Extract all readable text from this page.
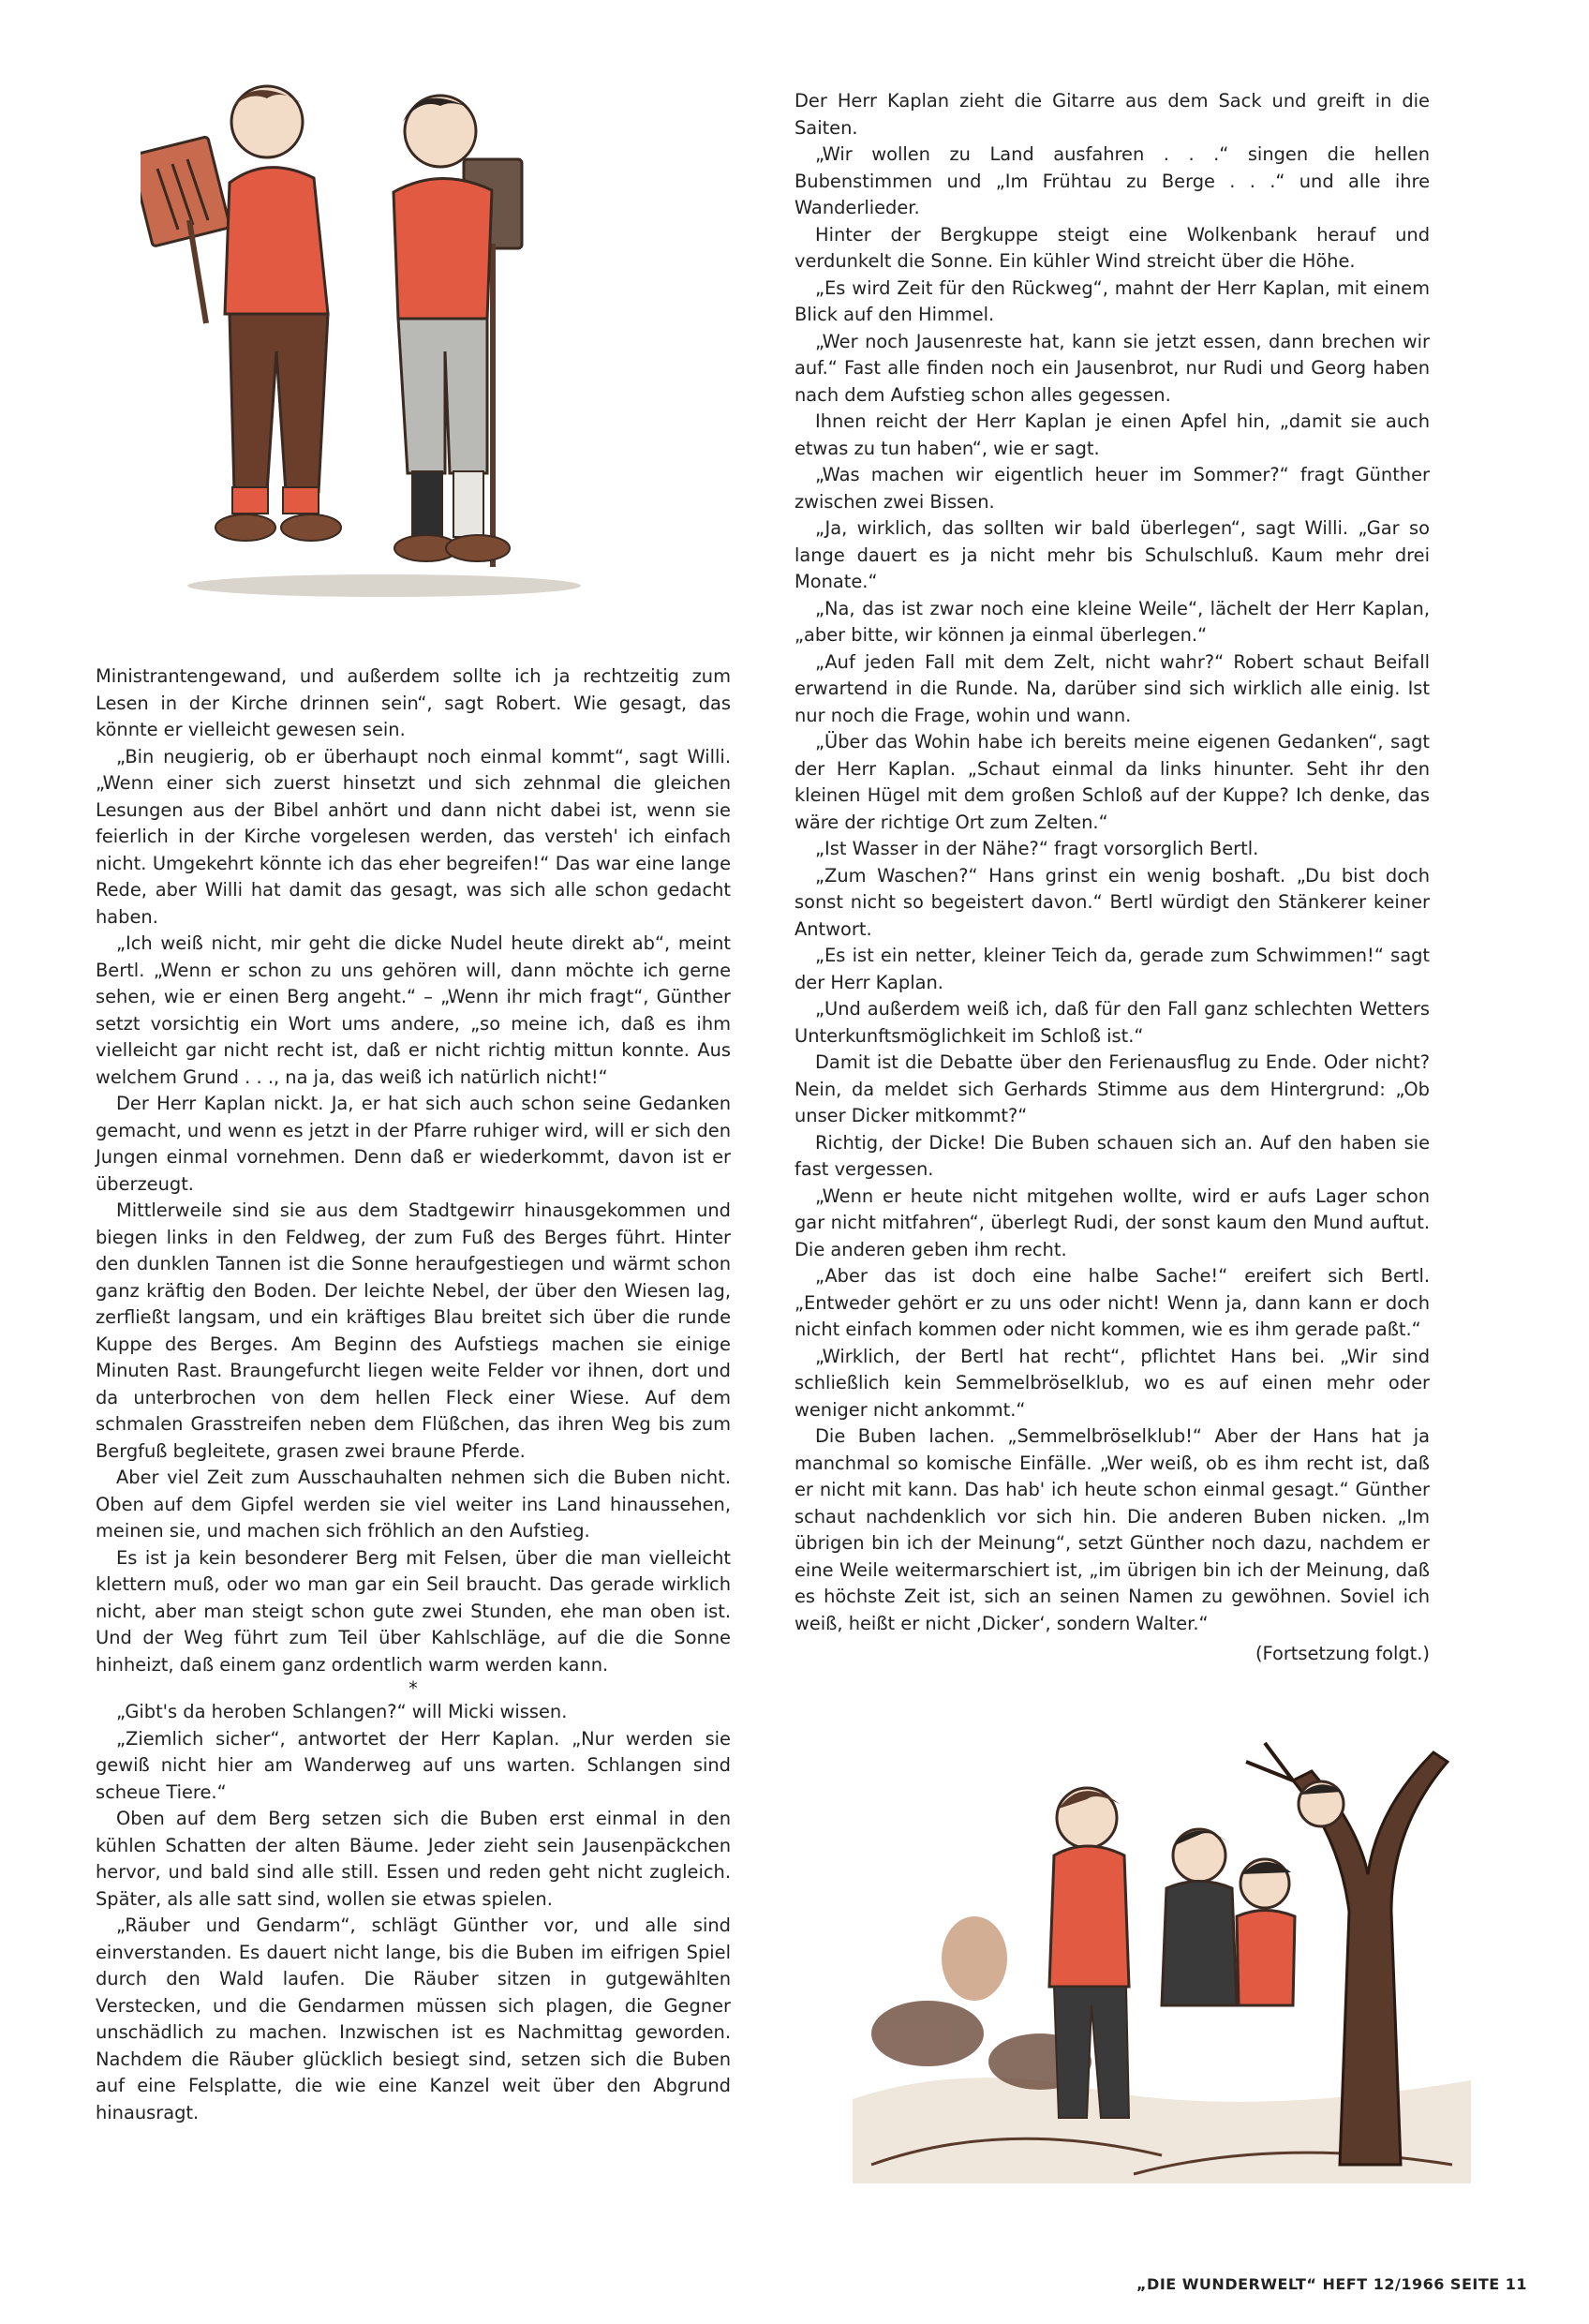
Ministrantengewand, und außerdem sollte ich ja rechtzeitig zum Lesen in der Kirche drinnen sein“, sagt Robert. Wie gesagt, das könnte er vielleicht gewesen sein.

„Bin neugierig, ob er überhaupt noch einmal kommt“, sagt Willi. „Wenn einer sich zuerst hinsetzt und sich zehnmal die gleichen Lesungen aus der Bibel anhört und dann nicht dabei ist, wenn sie feierlich in der Kirche vorgelesen werden, das versteh' ich einfach nicht. Umgekehrt könnte ich das eher begreifen!“ Das war eine lange Rede, aber Willi hat damit das gesagt, was sich alle schon gedacht haben.

„Ich weiß nicht, mir geht die dicke Nudel heute direkt ab“, meint Bertl. „Wenn er schon zu uns gehören will, dann möchte ich gerne sehen, wie er einen Berg angeht.“ – „Wenn ihr mich fragt“, Günther setzt vorsichtig ein Wort ums andere, „so meine ich, daß es ihm vielleicht gar nicht recht ist, daß er nicht richtig mittun konnte. Aus welchem Grund . . ., na ja, das weiß ich natürlich nicht!“

Der Herr Kaplan nickt. Ja, er hat sich auch schon seine Gedanken gemacht, und wenn es jetzt in der Pfarre ruhiger wird, will er sich den Jungen einmal vornehmen. Denn daß er wiederkommt, davon ist er überzeugt.

Mittlerweile sind sie aus dem Stadtgewirr hinausgekommen und biegen links in den Feldweg, der zum Fuß des Berges führt. Hinter den dunklen Tannen ist die Sonne heraufgestiegen und wärmt schon ganz kräftig den Boden. Der leichte Nebel, der über den Wiesen lag, zerfließt langsam, und ein kräftiges Blau breitet sich über die runde Kuppe des Berges. Am Beginn des Aufstiegs machen sie einige Minuten Rast. Braungefurcht liegen weite Felder vor ihnen, dort und da unterbrochen von dem hellen Fleck einer Wiese. Auf dem schmalen Grasstreifen neben dem Flüßchen, das ihren Weg bis zum Bergfuß begleitete, grasen zwei braune Pferde.

Aber viel Zeit zum Ausschauhalten nehmen sich die Buben nicht. Oben auf dem Gipfel werden sie viel weiter ins Land hinaussehen, meinen sie, und machen sich fröhlich an den Aufstieg.

Es ist ja kein besonderer Berg mit Felsen, über die man vielleicht klettern muß, oder wo man gar ein Seil braucht. Das gerade wirklich nicht, aber man steigt schon gute zwei Stunden, ehe man oben ist. Und der Weg führt zum Teil über Kahlschläge, auf die die Sonne hinheizt, daß einem ganz ordentlich warm werden kann.

*

„Gibt's da heroben Schlangen?“ will Micki wissen.

„Ziemlich sicher“, antwortet der Herr Kaplan. „Nur werden sie gewiß nicht hier am Wanderweg auf uns warten. Schlangen sind scheue Tiere.“

Oben auf dem Berg setzen sich die Buben erst einmal in den kühlen Schatten der alten Bäume. Jeder zieht sein Jausenpäckchen hervor, und bald sind alle still. Essen und reden geht nicht zugleich. Später, als alle satt sind, wollen sie etwas spielen.

„Räuber und Gendarm“, schlägt Günther vor, und alle sind einverstanden. Es dauert nicht lange, bis die Buben im eifrigen Spiel durch den Wald laufen. Die Räuber sitzen in gutgewählten Verstecken, und die Gendarmen müssen sich plagen, die Gegner unschädlich zu machen. Inzwischen ist es Nachmittag geworden. Nachdem die Räuber glücklich besiegt sind, setzen sich die Buben auf eine Felsplatte, die wie eine Kanzel weit über den Abgrund hinausragt.

Der Herr Kaplan zieht die Gitarre aus dem Sack und greift in die Saiten.

„Wir wollen zu Land ausfahren . . .“ singen die hellen Bubenstimmen und „Im Frühtau zu Berge . . .“ und alle ihre Wanderlieder.

Hinter der Bergkuppe steigt eine Wolkenbank herauf und verdunkelt die Sonne. Ein kühler Wind streicht über die Höhe.

„Es wird Zeit für den Rückweg“, mahnt der Herr Kaplan, mit einem Blick auf den Himmel.

„Wer noch Jausenreste hat, kann sie jetzt essen, dann brechen wir auf.“ Fast alle finden noch ein Jausenbrot, nur Rudi und Georg haben nach dem Aufstieg schon alles gegessen.

Ihnen reicht der Herr Kaplan je einen Apfel hin, „damit sie auch etwas zu tun haben“, wie er sagt.

„Was machen wir eigentlich heuer im Sommer?“ fragt Günther zwischen zwei Bissen.

„Ja, wirklich, das sollten wir bald überlegen“, sagt Willi. „Gar so lange dauert es ja nicht mehr bis Schulschluß. Kaum mehr drei Monate.“

„Na, das ist zwar noch eine kleine Weile“, lächelt der Herr Kaplan, „aber bitte, wir können ja einmal überlegen.“

„Auf jeden Fall mit dem Zelt, nicht wahr?“ Robert schaut Beifall erwartend in die Runde. Na, darüber sind sich wirklich alle einig. Ist nur noch die Frage, wohin und wann.

„Über das Wohin habe ich bereits meine eigenen Gedanken“, sagt der Herr Kaplan. „Schaut einmal da links hinunter. Seht ihr den kleinen Hügel mit dem großen Schloß auf der Kuppe? Ich denke, das wäre der richtige Ort zum Zelten.“

„Ist Wasser in der Nähe?“ fragt vorsorglich Bertl.

„Zum Waschen?“ Hans grinst ein wenig boshaft. „Du bist doch sonst nicht so begeistert davon.“ Bertl würdigt den Stänkerer keiner Antwort.

„Es ist ein netter, kleiner Teich da, gerade zum Schwimmen!“ sagt der Herr Kaplan.

„Und außerdem weiß ich, daß für den Fall ganz schlechten Wetters Unterkunftsmöglichkeit im Schloß ist.“

Damit ist die Debatte über den Ferienausflug zu Ende. Oder nicht? Nein, da meldet sich Gerhards Stimme aus dem Hintergrund: „Ob unser Dicker mitkommt?“

Richtig, der Dicke! Die Buben schauen sich an. Auf den haben sie fast vergessen.

„Wenn er heute nicht mitgehen wollte, wird er aufs Lager schon gar nicht mitfahren“, überlegt Rudi, der sonst kaum den Mund auftut. Die anderen geben ihm recht.

„Aber das ist doch eine halbe Sache!“ ereifert sich Bertl. „Entweder gehört er zu uns oder nicht! Wenn ja, dann kann er doch nicht einfach kommen oder nicht kommen, wie es ihm gerade paßt.“

„Wirklich, der Bertl hat recht“, pflichtet Hans bei. „Wir sind schließlich kein Semmelbröselklub, wo es auf einen mehr oder weniger nicht ankommt.“

Die Buben lachen. „Semmelbröselklub!“ Aber der Hans hat ja manchmal so komische Einfälle. „Wer weiß, ob es ihm recht ist, daß er nicht mit kann. Das hab' ich heute schon einmal gesagt.“ Günther schaut nachdenklich vor sich hin. Die anderen Buben nicken. „Im übrigen bin ich der Meinung“, setzt Günther noch dazu, nachdem er eine Weile weitermarschiert ist, „im übrigen bin ich der Meinung, daß es höchste Zeit ist, sich an seinen Namen zu gewöhnen. Soviel ich weiß, heißt er nicht ‚Dicker‘, sondern Walter.“

(Fortsetzung folgt.)
„DIE WUNDERWELT“ HEFT 12/1966 SEITE 11
